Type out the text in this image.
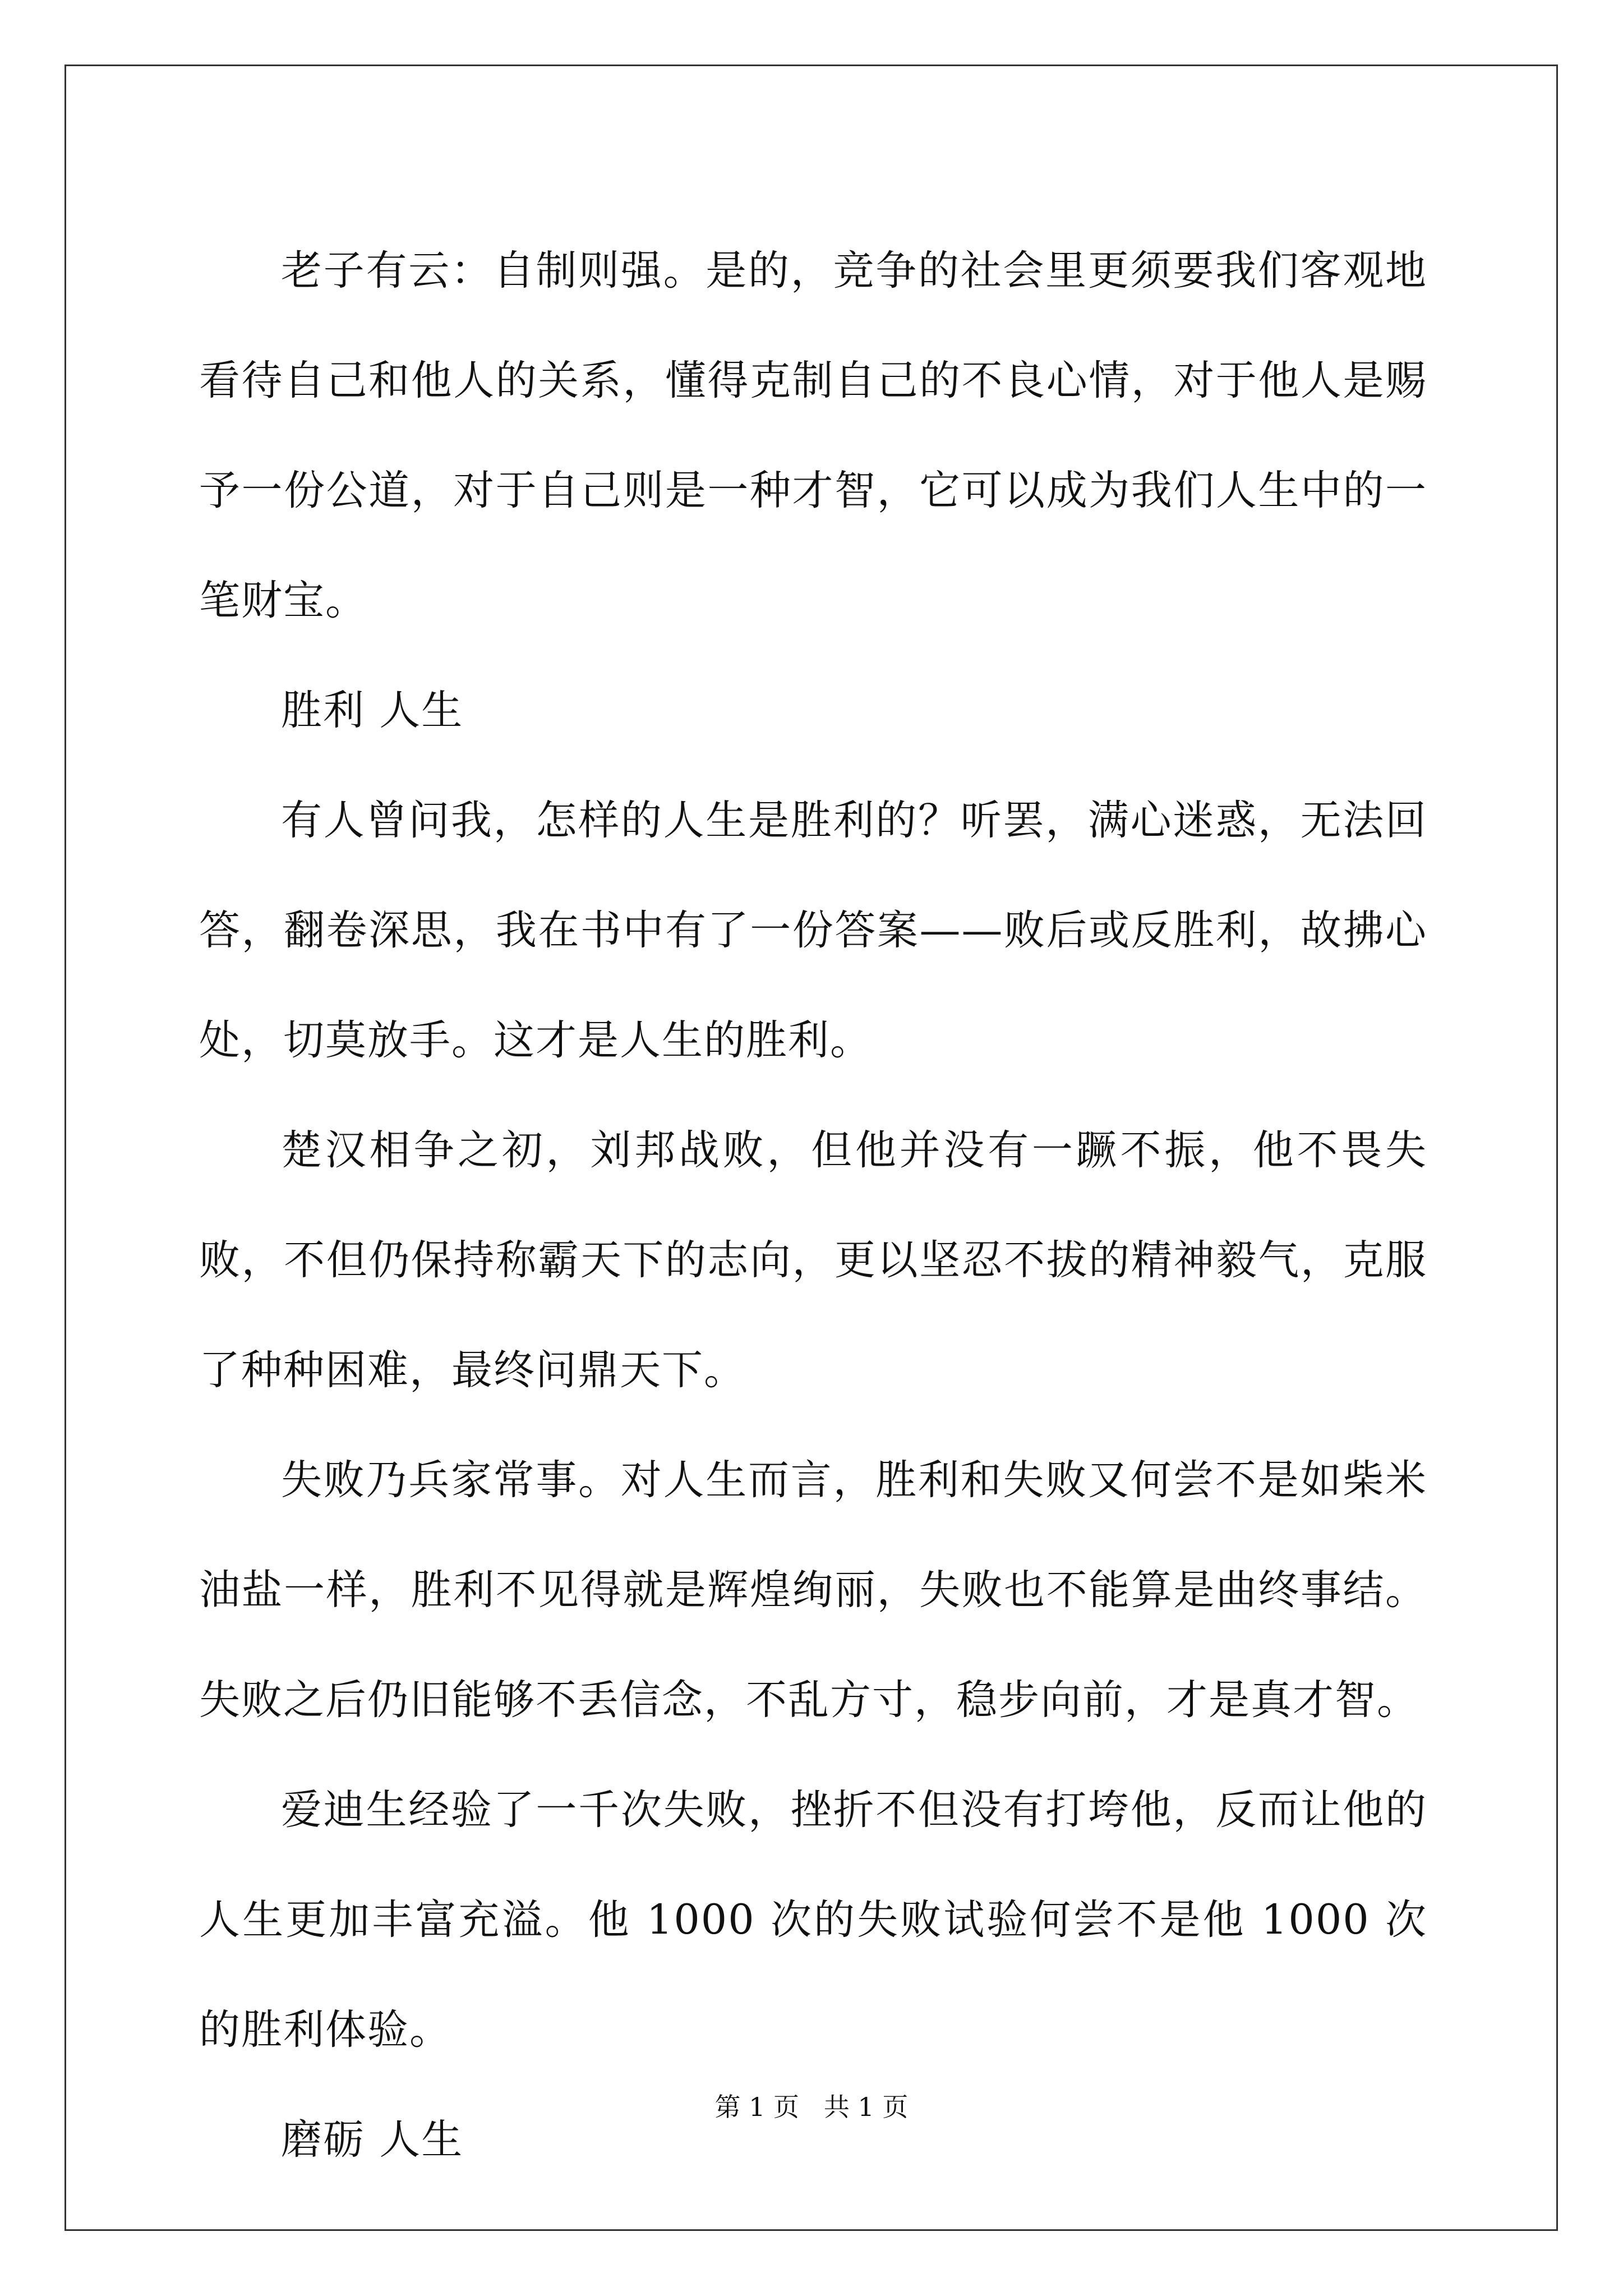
老子有云：自制则强。是的，竞争的社会里更须要我们客观地看待自己和他人的关系，懂得克制自己的不良心情，对于他人是赐予一份公道，对于自己则是一种才智，它可以成为我们人生中的一笔财宝。

胜利 人生

有人曾问我，怎样的人生是胜利的？听罢，满心迷惑，无法回答，翻卷深思，我在书中有了一份答案——败后或反胜利，故拂心处，切莫放手。这才是人生的胜利。

楚汉相争之初，刘邦战败，但他并没有一蹶不振，他不畏失败，不但仍保持称霸天下的志向，更以坚忍不拔的精神毅气，克服了种种困难，最终问鼎天下。

失败乃兵家常事。对人生而言，胜利和失败又何尝不是如柴米油盐一样，胜利不见得就是辉煌绚丽，失败也不能算是曲终事结。失败之后仍旧能够不丢信念，不乱方寸，稳步向前，才是真才智。

爱迪生经验了一千次失败，挫折不但没有打垮他，反而让他的人生更加丰富充溢。他 1000 次的失败试验何尝不是他 1000 次的胜利体验。

磨砺 人生

第 1 页   共 1 页
